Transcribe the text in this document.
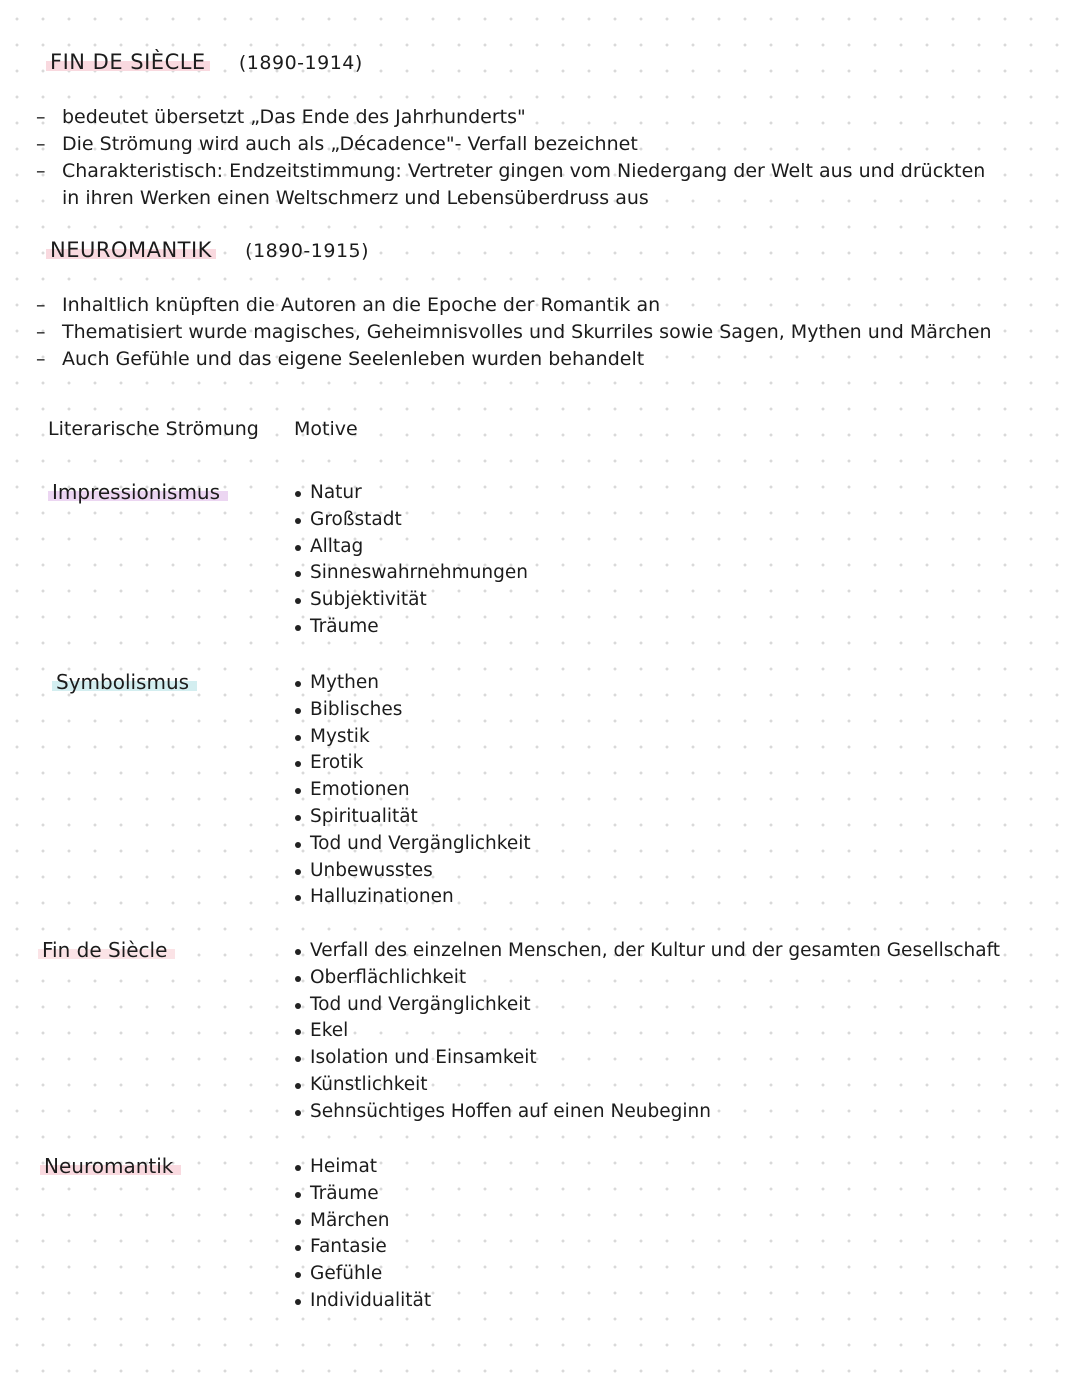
FIN DE SIÈCLE (1890-1914)
– bedeutet übersetzt „Das Ende des Jahrhunderts"
– Die Strömung wird auch als „Décadence"- Verfall bezeichnet
– Charakteristisch: Endzeitstimmung: Vertreter gingen vom Niedergang der Welt aus und drückten
in ihren Werken einen Weltschmerz und Lebensüberdruss aus
NEUROMANTIK (1890-1915)
– Inhaltlich knüpften die Autoren an die Epoche der Romantik an
– Thematisiert wurde magisches, Geheimnisvolles und Skurriles sowie Sagen, Mythen und Märchen
– Auch Gefühle und das eigene Seelenleben wurden behandelt
Literarische Strömung Motive
Impressionismus	Natur
Großstadt
Alltag
Sinneswahrnehmungen
Subjektivität
Träume
Symbolismus	Mythen
Biblisches
Mystik
Erotik
Emotionen
Spiritualität
Tod und Vergänglichkeit
Unbewusstes
Halluzinationen
Fin de Siècle	Verfall des einzelnen Menschen, der Kultur und der gesamten Gesellschaft
Oberflächlichkeit
Tod und Vergänglichkeit
Ekel
Isolation und Einsamkeit
Künstlichkeit
Sehnsüchtiges Hoffen auf einen Neubeginn
Neuromantik	Heimat
Träume
Märchen
Fantasie
Gefühle
Individualität
